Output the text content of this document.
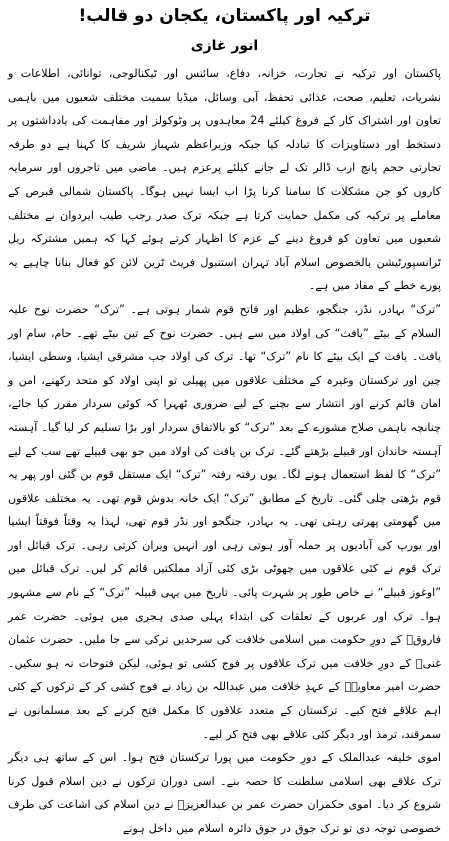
ترکیہ اور پاکستان، یکجان دو قالب!
انور غازی

پاکستان اور ترکیہ نے تجارت، خزانہ، دفاع، سائنس اور ٹیکنالوجی، توانائی، اطلاعات و نشریات، تعلیم، صحت، غذائی تحفظ، آبی وسائل، میڈیا سمیت مختلف شعبوں میں باہمی تعاون اور اشتراک کار کے فروغ کیلئے 24 معاہدوں پر وٹوکولز اور مفاہمت کی یادداشتوں پر دستخط اور دستاویزات کا تبادلہ کیا جبکہ وزیراعظم شہباز شریف کا کہنا ہے دو طرفہ تجارتی حجم پانچ ارب ڈالر تک لے جانے کیلئے پرعزم ہیں۔ ماضی میں تاجروں اور سرمایہ کاروں کو جن مشکلات کا سامنا کرنا پڑا اب ایسا نہیں ہوگا۔ پاکستان شمالی قبرص کے معاملے پر ترکیہ کی مکمل حمایت کرتا ہے جبکہ ترک صدر رجب طیب ایردوان نے مختلف شعبوں میں تعاون کو فروغ دینے کے عزم کا اظہار کرتے ہوئے کہا کہ ہمیں مشترکہ ریل ٹرانسپورٹیشن بالخصوص اسلام آباد تہران استنبول فریٹ ٹرین لائن کو فعال بنانا چاہیے یہ پورے خطے کے مفاد میں ہے۔

”ترک“ بہادر، نڈر، جنگجو، عظیم اور فاتح قوم شمار ہوتی ہے۔ ”ترک“ حضرت نوح علیہ السلام کے بیٹے ”یافث“ کی اولاد میں سے ہیں۔ حضرت نوح کے تین بیٹے تھے۔ حام، سام اور یافث۔ یافث کے ایک بیٹے کا نام ”ترک“ تھا۔ ترک کی اولاد جب مشرقی ایشیا، وسطی ایشیا، چین اور ترکستان وغیرہ کے مختلف علاقوں میں پھیلی تو اپنی اولاد کو متحد رکھنے، امن و امان قائم کرنے اور انتشار سے بچنے کے لیے ضروری ٹھہرا کہ کوئی سردار مقرر کیا جائے، چنانچہ باہمی صلاح مشورے کے بعد ”ترک“ کو بالاتفاق سردار اور بڑا تسلیم کر لیا گیا۔ آہستہ آہستہ خاندان اور قبیلے بڑھتے گئے۔ ترک بن یافث کی اولاد میں جو بھی قبیلے تھے سب کے لیے ”ترک“ کا لفظ استعمال ہونے لگا۔ یوں رفتہ رفتہ ”ترک“ ایک مستقل قوم بن گئی اور پھر یہ قوم بڑھتی چلی گئی۔ تاریخ کے مطابق ”ترک“ ایک خانہ بدوش قوم تھی۔ یہ مختلف علاقوں میں گھومتی پھرتی رہتی تھی۔ یہ بہادر، جنگجو اور نڈر قوم تھی، لہذا یہ وقتاً فوقتاً ایشیا اور یورپ کی آبادیوں پر حملہ آور ہوتی رہی اور انہیں ویران کرتی رہی۔ ترک قبائل اور ترک قوم نے کئی علاقوں میں چھوٹی بڑی کئی آزاد مملکتیں قائم کر لیں۔ ترک قبائل میں ”اوغوز قبیلے“ نے خاص طور پر شہرت پائی۔ تاریخ میں یہی قبیلہ ”ترک“ کے نام سے مشہور ہوا۔ ترک اور عربوں کے تعلقات کی ابتداء پہلی صدی ہجری میں ہوئی۔ حضرت عمر فاروقؓ کے دورِ حکومت میں اسلامی خلافت کی سرحدیں ترکی سے جا ملیں۔ حضرت عثمان غنیؓ کے دورِ خلافت میں ترک علاقوں پر فوج کشی تو ہوئی، لیکن فتوحات نہ ہو سکیں۔ حضرت امیر معاویہؓ کے عہدِ خلافت میں عبداللہ بن زیاد نے فوج کشی کر کے ترکوں کے کئی اہم علاقے فتح کیے۔ ترکستان کے متعدد علاقوں کا مکمل فتح کرنے کے بعد مسلمانوں نے سمرقند، ترمذ اور دیگر کئی علاقے بھی فتح کر لیے۔

اموی خلیفہ عبدالملک کے دورِ حکومت میں پورا ترکستان فتح ہوا۔ اس کے ساتھ ہی دیگر ترک علاقے بھی اسلامی سلطنت کا حصہ بنے۔ اسی دوران ترکوں نے دین اسلام قبول کرنا شروع کر دیا۔ اموی حکمران حضرت عمر بن عبدالعزیزؒ نے دین اسلام کی اشاعت کی طرف خصوصی توجہ دی تو ترک جوق در جوق دائرہ اسلام میں داخل ہونے
